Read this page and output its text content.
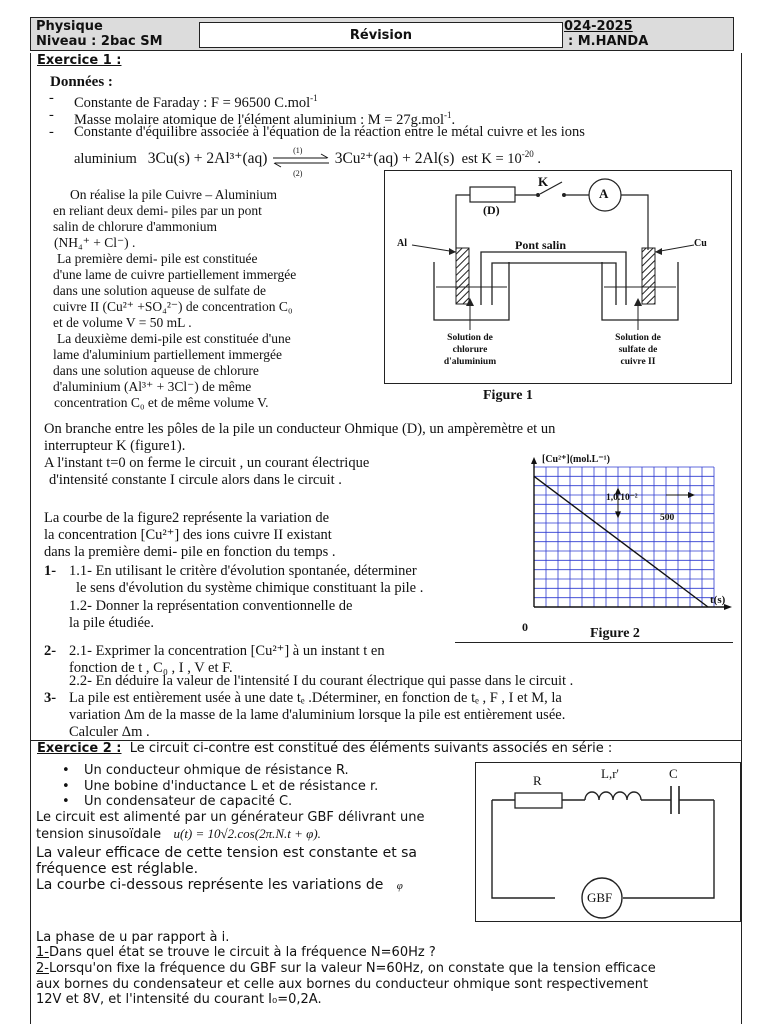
Physique
Niveau : 2bac SM
024-2025
: M.HANDA
Révision
Exercice 1 :
Données :
- Constante de Faraday : F = 96500 C.mol$^{-1}$
- Masse molaire atomique de l'élément aluminium : M = 27g.mol$^{-1}$.
- Constante d'équilibre associée à l'équation de la réaction entre le métal cuivre et les ions
aluminium 3Cu(s) + 2Al³⁺(aq)	(1)
(2)
3Cu²⁺(aq) + 2Al(s) est $K = 10^{-20}$ .
On réalise la pile Cuivre – Aluminium
en reliant deux demi- piles par un pont
salin de chlorure d'ammonium
(NH₄⁺ + Cl⁻) .
La première demi- pile est constituée
d'une lame de cuivre partiellement immergée
dans une solution aqueuse de sulfate de
cuivre II (Cu²⁺ +SO₄²⁻) de concentration C₀
et de volume V = 50 mL .
La deuxième demi-pile est constituée d'une
lame d'aluminium partiellement immergée
dans une solution aqueuse de chlorure
d'aluminium (Al³⁺ + 3Cl⁻) de même
concentration C₀ et de même volume V.
K
A
(D)
Al	Cu
Pont salin
Solution de
chlorure
d'aluminium
Solution de
sulfate de
cuivre II
Figure 1
On branche entre les pôles de la pile un conducteur Ohmique (D), un ampèremètre et un
interrupteur K (figure1).
A l'instant t=0 on ferme le circuit , un courant électrique
d'intensité constante I circule alors dans le circuit .
La courbe de la figure2 représente la variation de
la concentration [Cu²⁺] des ions cuivre II existant
dans la première demi- pile en fonction du temps .
1- 1.1- En utilisant le critère d'évolution spontanée, déterminer
le sens d'évolution du système chimique constituant la pile .
1.2- Donner la représentation conventionnelle de
la pile étudiée.
[Cu²⁺](mol.L⁻¹)
t(s)
1,0.10⁻²
500
0	Figure 2
2- 2.1- Exprimer la concentration [Cu²⁺] à un instant t en
fonction de t , C₀ , I , V et F.
2.2- En déduire la valeur de l'intensité I du courant électrique qui passe dans le circuit .
3- La pile est entièrement usée à une date tₑ .Déterminer, en fonction de tₑ , F , I et M, la
variation Δm de la masse de la lame d'aluminium lorsque la pile est entièrement usée.
Calculer Δm .
Exercice 2 : Le circuit ci-contre est constitué des éléments suivants associés en série :
• Un conducteur ohmique de résistance R.
• Une bobine d'inductance L et de résistance r.
• Un condensateur de capacité C.
Le circuit est alimenté par un générateur GBF délivrant une
tension sinusoïdale u(t) = 10√2.cos(2π.N.t + φ).
La valeur efficace de cette tension est constante et sa
fréquence est réglable.
La courbe ci-dessous représente les variations de φ
R	L,r'	C
GBF
La phase de u par rapport à i.
1-Dans quel état se trouve le circuit à la fréquence N=60Hz ?
2-Lorsqu'on fixe la fréquence du GBF sur la valeur N=60Hz, on constate que la tension efficace
aux bornes du condensateur et celle aux bornes du conducteur ohmique sont respectivement
12V et 8V, et l'intensité du courant I₀=0,2A.
